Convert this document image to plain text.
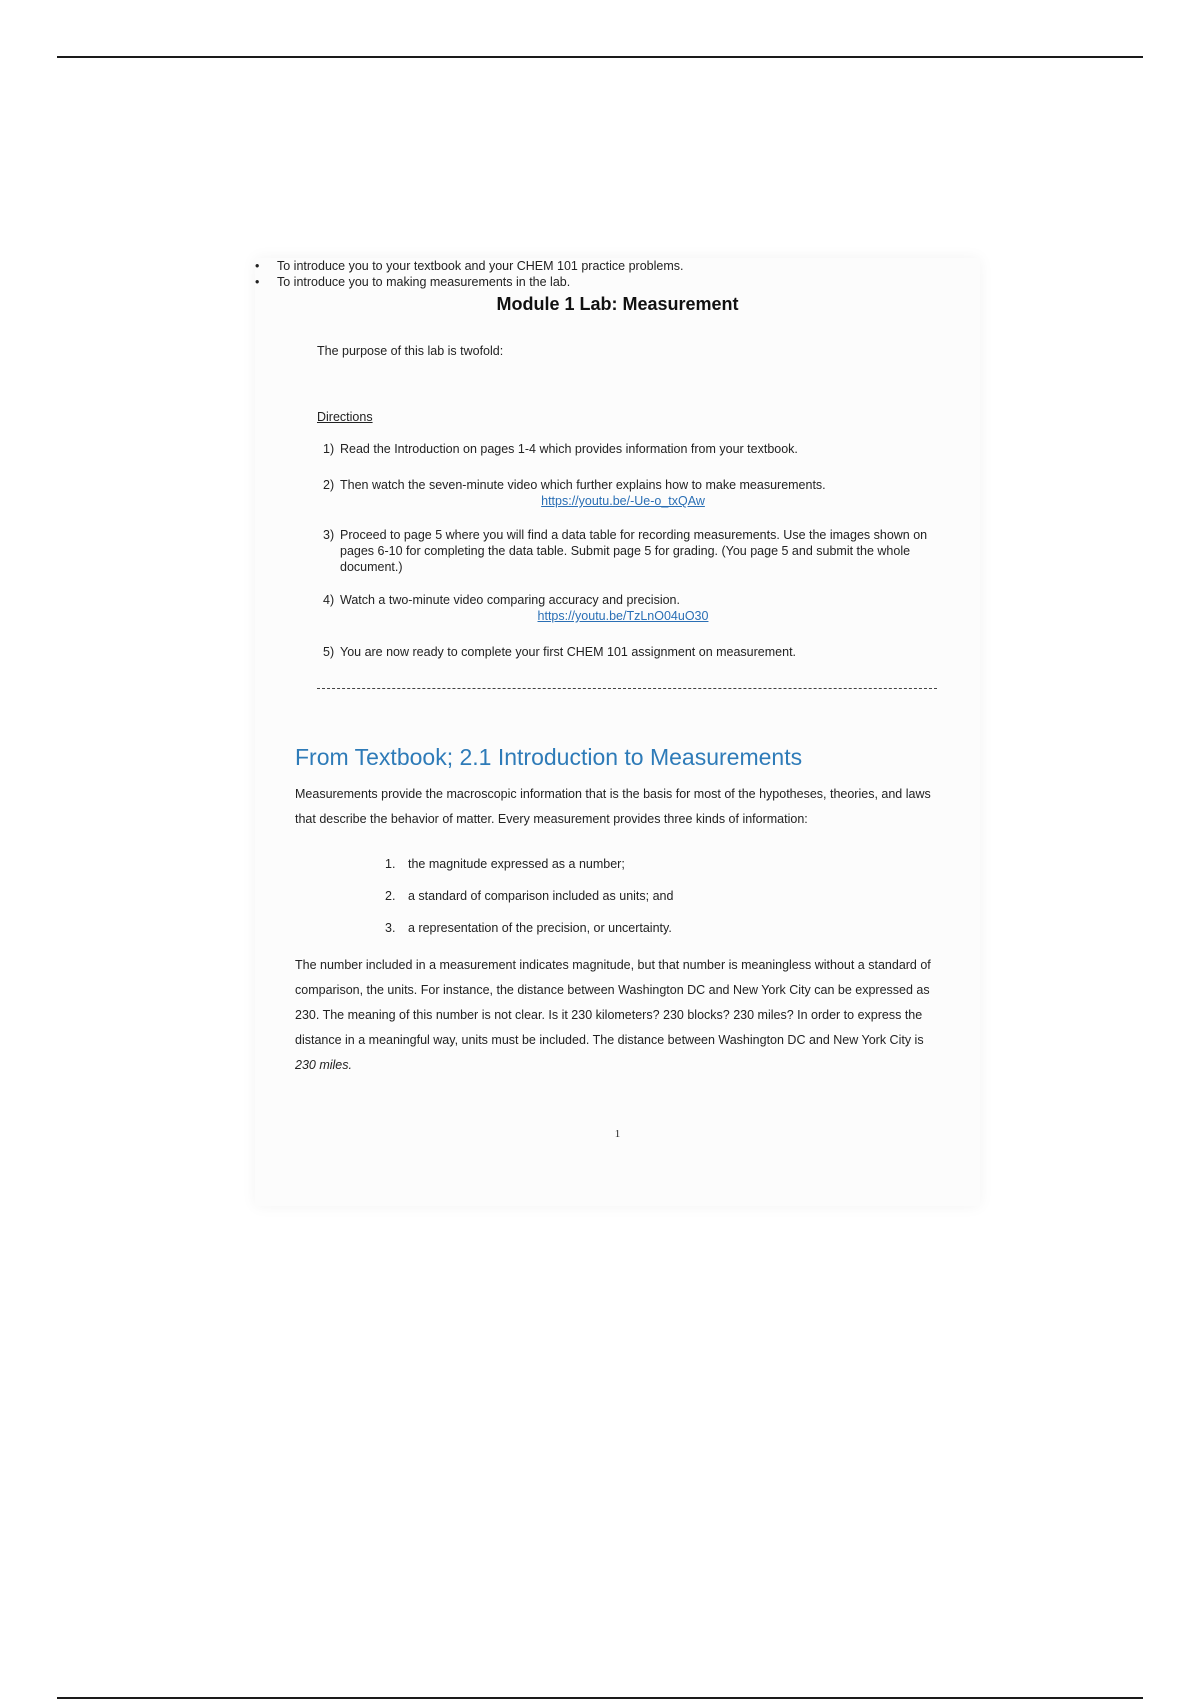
Module 1 Lab: Measurement
The purpose of this lab is twofold:
• To introduce you to your textbook and your CHEM 101 practice problems.
• To introduce you to making measurements in the lab.
Directions
1) Read the Introduction on pages 1-4 which provides information from your textbook.
2) Then watch the seven-minute video which further explains how to make measurements.
https://youtu.be/-Ue-o_txQAw
3) Proceed to page 5 where you will find a data table for recording measurements. Use the images shown on pages 6-10 for completing the data table. Submit page 5 for grading. (You page 5 and submit the whole document.)
4) Watch a two-minute video comparing accuracy and precision.
https://youtu.be/TzLnO04uO30
5) You are now ready to complete your first CHEM 101 assignment on measurement.
From Textbook; 2.1 Introduction to Measurements

Measurements provide the macroscopic information that is the basis for most of the hypotheses, theories, and laws that describe the behavior of matter. Every measurement provides three kinds of information:

1. the magnitude expressed as a number;
2. a standard of comparison included as units; and
3. a representation of the precision, or uncertainty.

The number included in a measurement indicates magnitude, but that number is meaningless without a standard of comparison, the units. For instance, the distance between Washington DC and New York City can be expressed as 230. The meaning of this number is not clear. Is it 230 kilometers? 230 blocks? 230 miles? In order to express the distance in a meaningful way, units must be included. The distance between Washington DC and New York City is 230 miles.

1
